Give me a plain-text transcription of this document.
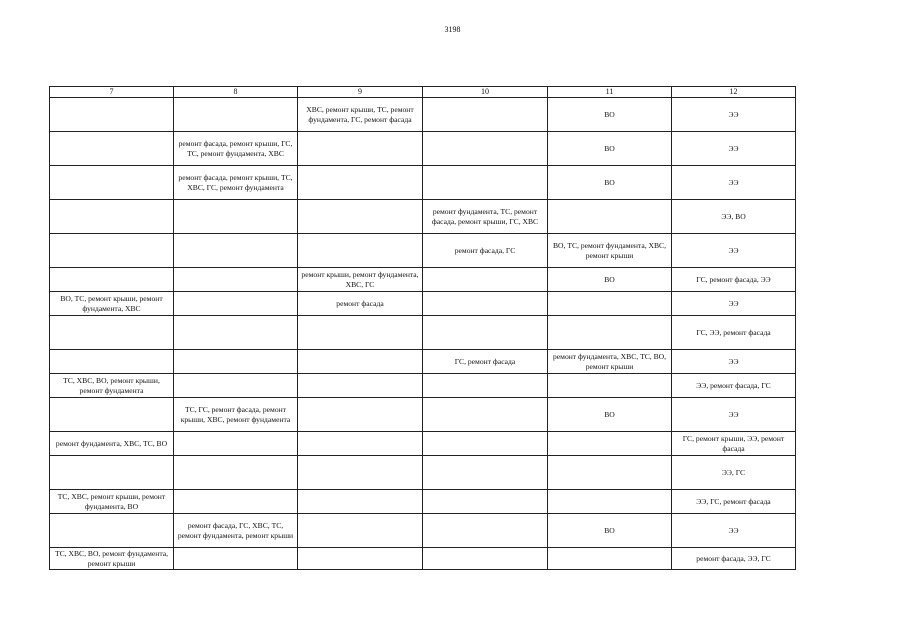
3198
7	8	9	10	11	12
		ХВС, ремонт крыши, ТС, ремонт фундамента, ГС, ремонт фасада		ВО	ЭЭ
	ремонт фасада, ремонт крыши, ГС, ТС, ремонт фундамента, ХВС			ВО	ЭЭ
	ремонт фасада, ремонт крыши, ТС, ХВС, ГС, ремонт фундамента			ВО	ЭЭ
			ремонт фундамента, ТС, ремонт фасада, ремонт крыши, ГС, ХВС		ЭЭ, ВО
			ремонт фасада, ГС	ВО, ТС, ремонт фундамента, ХВС, ремонт крыши	ЭЭ
		ремонт крыши, ремонт фундамента, ХВС, ГС		ВО	ГС, ремонт фасада, ЭЭ
ВО, ТС, ремонт крыши, ремонт фундамента, ХВС		ремонт фасада			ЭЭ
					ГС, ЭЭ, ремонт фасада
			ГС, ремонт фасада	ремонт фундамента, ХВС, ТС, ВО, ремонт крыши	ЭЭ
ТС, ХВС, ВО, ремонт крыши, ремонт фундамента					ЭЭ, ремонт фасада, ГС
	ТС, ГС, ремонт фасада, ремонт крыши, ХВС, ремонт фундамента			ВО	ЭЭ
ремонт фундамента, ХВС, ТС, ВО					ГС, ремонт крыши, ЭЭ, ремонт фасада
					ЭЭ, ГС
ТС, ХВС, ремонт крыши, ремонт фундамента, ВО					ЭЭ, ГС, ремонт фасада
	ремонт фасада, ГС, ХВС, ТС, ремонт фундамента, ремонт крыши			ВО	ЭЭ
ТС, ХВС, ВО, ремонт фундамента, ремонт крыши					ремонт фасада, ЭЭ, ГС
